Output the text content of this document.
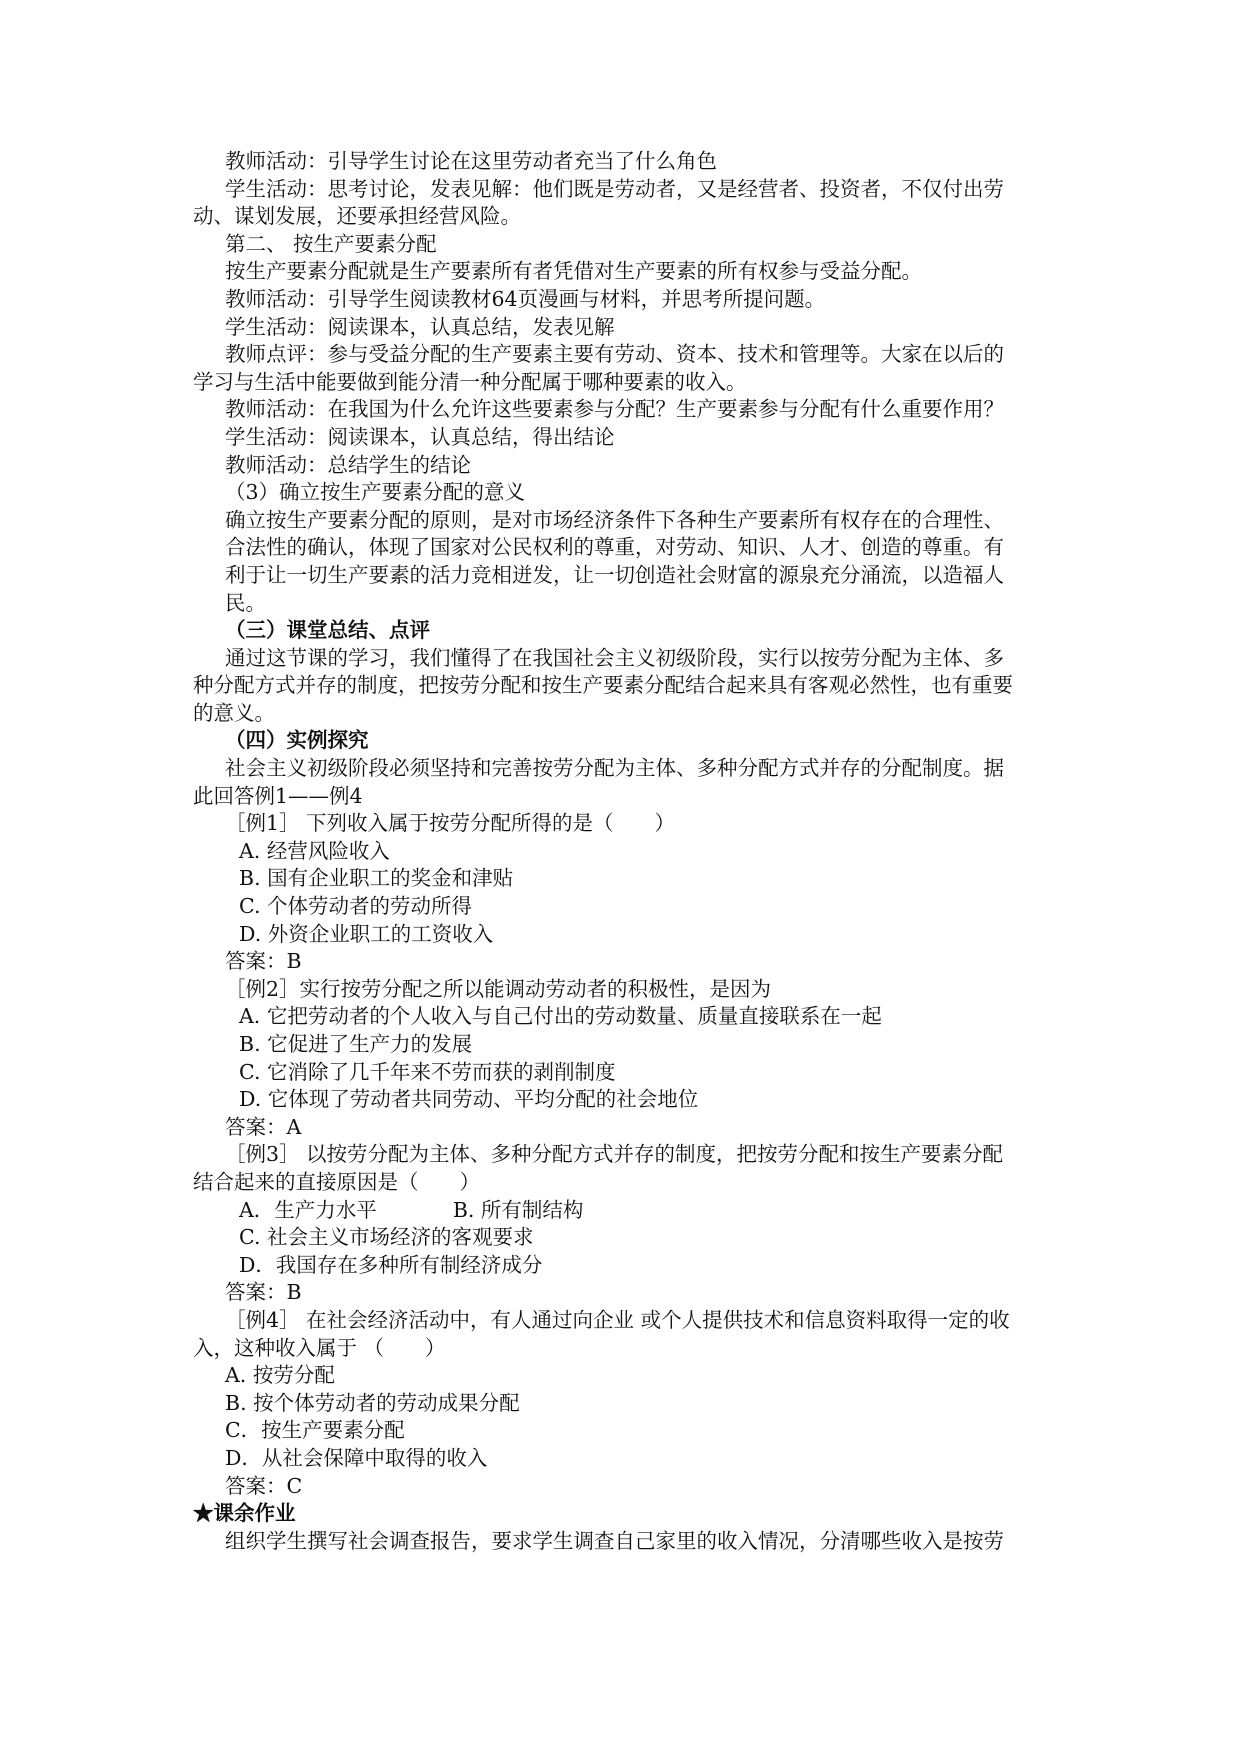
教师活动：引导学生讨论在这里劳动者充当了什么角色

学生活动：思考讨论，发表见解：他们既是劳动者，又是经营者、投资者，不仅付出劳

动、谋划发展，还要承担经营风险。

第二、 按生产要素分配

按生产要素分配就是生产要素所有者凭借对生产要素的所有权参与受益分配。

教师活动：引导学生阅读教材64页漫画与材料，并思考所提问题。

学生活动：阅读课本，认真总结，发表见解

教师点评：参与受益分配的生产要素主要有劳动、资本、技术和管理等。大家在以后的

学习与生活中能要做到能分清一种分配属于哪种要素的收入。

教师活动：在我国为什么允许这些要素参与分配？生产要素参与分配有什么重要作用？

学生活动：阅读课本，认真总结，得出结论

教师活动：总结学生的结论

（3）确立按生产要素分配的意义

确立按生产要素分配的原则，是对市场经济条件下各种生产要素所有权存在的合理性、

合法性的确认，体现了国家对公民权利的尊重，对劳动、知识、人才、创造的尊重。有

利于让一切生产要素的活力竞相迸发，让一切创造社会财富的源泉充分涌流，以造福人

民。

（三）课堂总结、点评

通过这节课的学习，我们懂得了在我国社会主义初级阶段，实行以按劳分配为主体、多

种分配方式并存的制度，把按劳分配和按生产要素分配结合起来具有客观必然性，也有重要

的意义。

（四）实例探究

社会主义初级阶段必须坚持和完善按劳分配为主体、多种分配方式并存的分配制度。据

此回答例1——例4

［例1］ 下列收入属于按劳分配所得的是（　　）

A. 经营风险收入

B. 国有企业职工的奖金和津贴

C. 个体劳动者的劳动所得

D. 外资企业职工的工资收入

答案：B

［例2］实行按劳分配之所以能调动劳动者的积极性，是因为

A. 它把劳动者的个人收入与自己付出的劳动数量、质量直接联系在一起

B. 它促进了生产力的发展

C. 它消除了几千年来不劳而获的剥削制度

D. 它体现了劳动者共同劳动、平均分配的社会地位

答案：A

［例3］ 以按劳分配为主体、多种分配方式并存的制度，把按劳分配和按生产要素分配

结合起来的直接原因是（　　）

A．生产力水平	B. 所有制结构

C. 社会主义市场经济的客观要求

D．我国存在多种所有制经济成分

答案：B

［例4］ 在社会经济活动中，有人通过向企业 或个人提供技术和信息资料取得一定的收

入，这种收入属于 （　　）

A. 按劳分配

B. 按个体劳动者的劳动成果分配

C．按生产要素分配

D．从社会保障中取得的收入

答案：C

★课余作业

组织学生撰写社会调查报告，要求学生调查自己家里的收入情况，分清哪些收入是按劳
